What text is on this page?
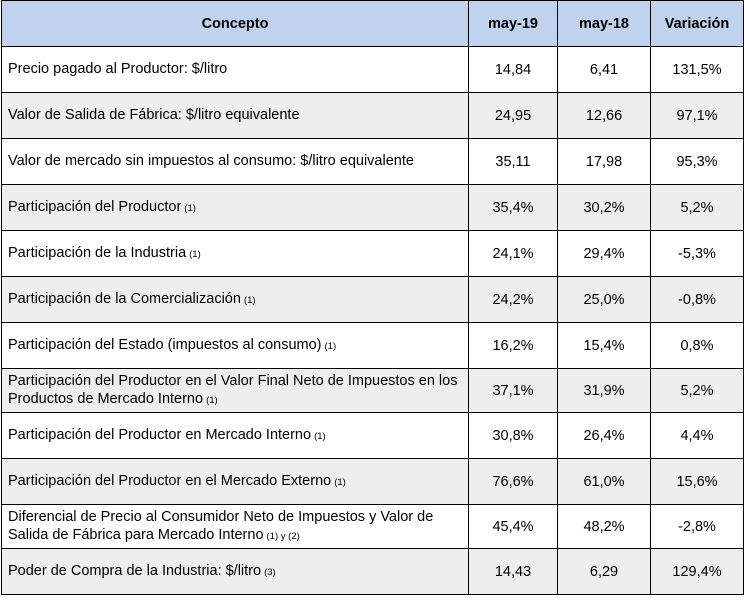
Concepto	may-19	may-18	Variación
Precio pagado al Productor: $/litro	14,84	6,41	131,5%
Valor de Salida de Fábrica: $/litro equivalente	24,95	12,66	97,1%
Valor de mercado sin impuestos al consumo: $/litro equivalente	35,11	17,98	95,3%
Participación del Productor (1)	35,4%	30,2%	5,2%
Participación de la Industria (1)	24,1%	29,4%	-5,3%
Participación de la Comercialización (1)	24,2%	25,0%	-0,8%
Participación del Estado (impuestos al consumo) (1)	16,2%	15,4%	0,8%
Participación del Productor en el Valor Final Neto de Impuestos en los Productos de Mercado Interno (1)	37,1%	31,9%	5,2%
Participación del Productor en Mercado Interno (1)	30,8%	26,4%	4,4%
Participación del Productor en el Mercado Externo (1)	76,6%	61,0%	15,6%
Diferencial de Precio al Consumidor Neto de Impuestos y Valor de Salida de Fábrica para Mercado Interno (1) y (2)	45,4%	48,2%	-2,8%
Poder de Compra de la Industria: $/litro (3)	14,43	6,29	129,4%
